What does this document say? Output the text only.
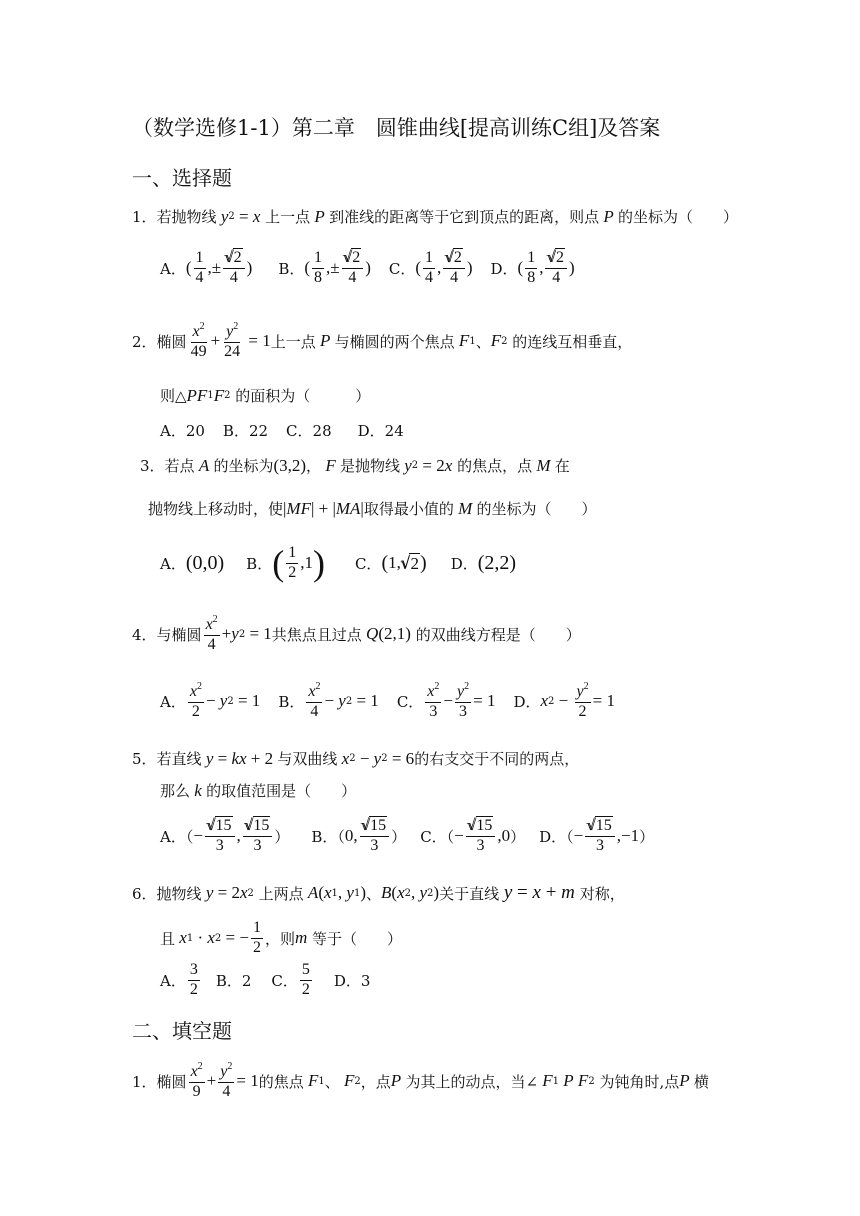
（数学选修1-1）第二章　圆锥曲线[提高训练C组]及答案
一、选择题
1． 若抛物线 y 2 = x
上一点 P 到准线的距离等于它到顶点的距离，则点 P 的坐标为（　　）
A． (
1
4 ,± $\frac{√√ 2}{4}$ ) B． (
1
8 ,± $\frac{√√ 2}{4}$ ) C． (
1
4 ,
√√ 2
4 ) D． (
1
8 ,
√√ 2
4 )
2． 椭圆
$x^2$
49
+ $\frac{y^2}{24} = 1$ 上一点 P 与椭圆的两个焦点 F 1 、 F 2
的连线互相垂直，
则△ PF 1 F 2
的面积为（　　　）
A．20 B．22 C．28 D．24
3． 若点 A 的坐标为 (3,2) ， F 是抛物线 y 2 = 2 x
的焦点，点 M 在
抛物线上移动时，使 | MF | + | MA | 取得最小值的 M 的坐标为（　　）
A． (0,0) B． ( 1
2 ,1 ) C． ( 1,√
√ 2 ) D． (2,2)
4． 与椭圆
$x^2$
4
+ y 2 = 1 共焦点且过点 Q (2,1)
的双曲线方程是（　　）
A．
$x^2$
2
− y 2 = 1 B．
$x^2$
4
− y 2 = 1 C．
$x^2$
3
− $\frac{y^2}{3} = 1$ D． x $2 - \frac{y^2}{2} = 1$
5． 若直线 y = kx + 2 与双曲线 x 2 − y 2 = 6 的右支交于不同的两点，
那么 k 的取值范围是（　　）
A．（ − $\frac{√√ 15}{3}$ ,
√√ 15
3 ） B．（ 0,
√√ 15
3 ） C．（ − $\frac{√√ 15}{3} ,0$ ） D．（ − $\frac{√√ 15}{3} ,-1$ ）
6． 抛物线 y = 2 x 2
上两点 A ( x 1 , y 1 ) 、 B ( x 2 , y 2 ) 关于直线 y = x + m
对称，
且 x 1 · x 2 = − $\frac{1}{2}$ ，则 m
等于（　　）
A．
3
2 B．2 C．
5
2 D．3
二、填空题
1． 椭圆
$x^2$
9
+ $\frac{y^2}{4} = 1$ 的焦点 F 1 、 F 2 ，点 P 为其上的动点，当∠ F 1 P F 2
为钝角时,点 P 横
